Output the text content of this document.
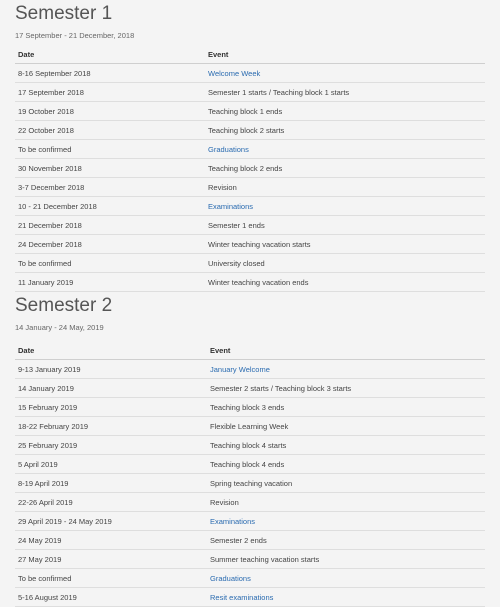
Semester 1

17 September - 21 December, 2018

Date	Event
8-16 September 2018	Welcome Week
17 September 2018	Semester 1 starts / Teaching block 1 starts
19 October 2018	Teaching block 1 ends
22 October 2018	Teaching block 2 starts
To be confirmed	Graduations
30 November 2018	Teaching block 2 ends
3-7 December 2018	Revision
10 - 21 December 2018	Examinations
21 December 2018	Semester 1 ends
24 December 2018	Winter teaching vacation starts
To be confirmed	University closed
11 January 2019	Winter teaching vacation ends
Semester 2

14 January - 24 May, 2019

Date	Event
9-13 January 2019	January Welcome
14 January 2019	Semester 2 starts / Teaching block 3 starts
15 February 2019	Teaching block 3 ends
18-22 February 2019	Flexible Learning Week
25 February 2019	Teaching block 4 starts
5 April 2019	Teaching block 4 ends
8-19 April 2019	Spring teaching vacation
22-26 April 2019	Revision
29 April 2019 - 24 May 2019	Examinations
24 May 2019	Semester 2 ends
27 May 2019	Summer teaching vacation starts
To be confirmed	Graduations
5-16 August 2019	Resit examinations
